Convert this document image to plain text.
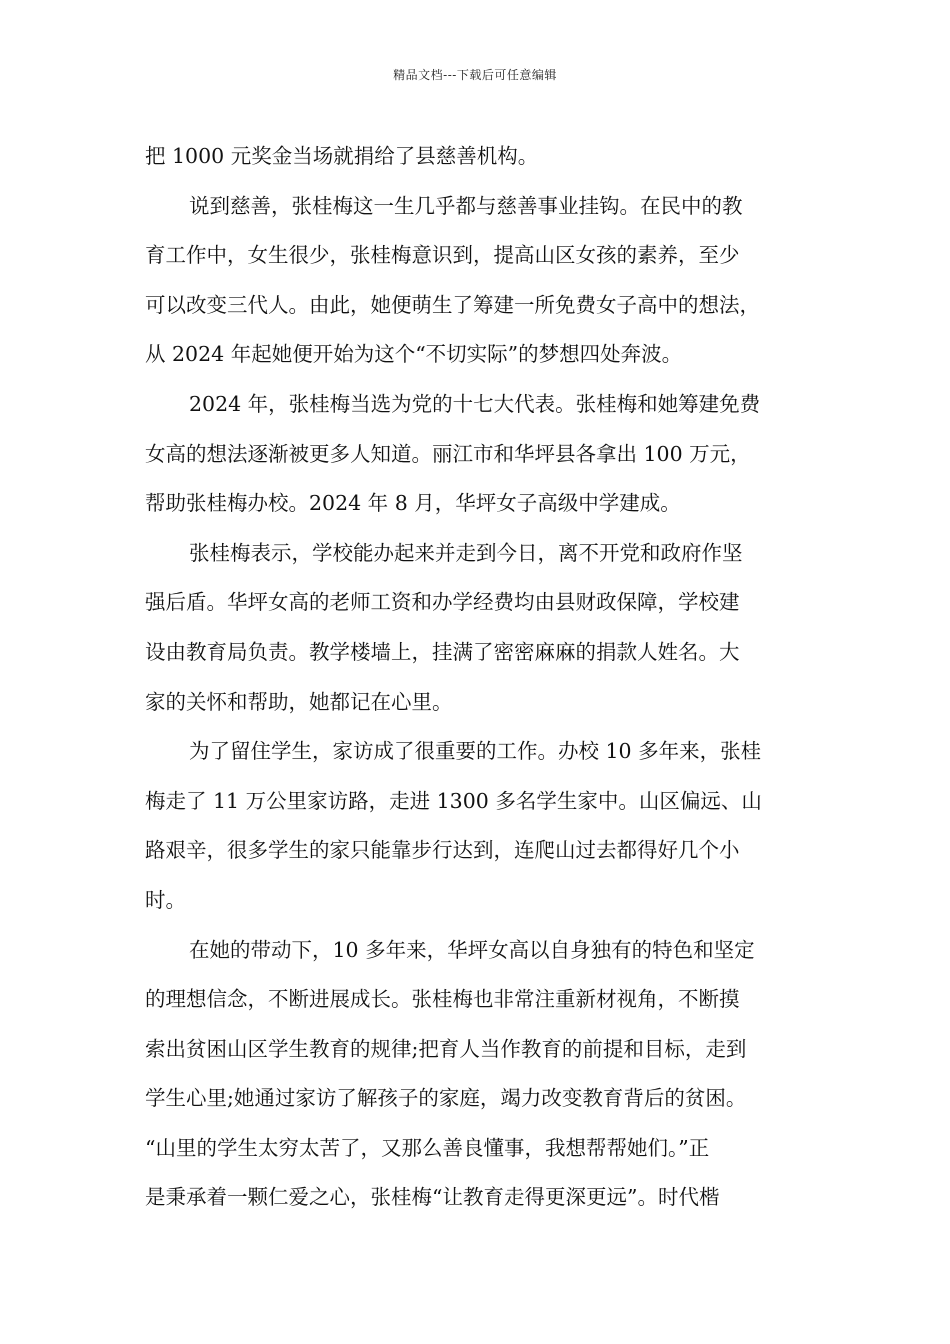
精品文档---下载后可任意编辑
把 1000 元奖金当场就捐给了县慈善机构。
说到慈善，张桂梅这一生几乎都与慈善事业挂钩。在民中的教
育工作中，女生很少，张桂梅意识到，提高山区女孩的素养，至少
可以改变三代人。由此，她便萌生了筹建一所免费女子高中的想法，
从 2024 年起她便开始为这个“不切实际”的梦想四处奔波。
2024 年，张桂梅当选为党的十七大代表。张桂梅和她筹建免费
女高的想法逐渐被更多人知道。丽江市和华坪县各拿出 100 万元，
帮助张桂梅办校。2024 年 8 月，华坪女子高级中学建成。
张桂梅表示，学校能办起来并走到今日，离不开党和政府作坚
强后盾。华坪女高的老师工资和办学经费均由县财政保障，学校建
设由教育局负责。教学楼墙上，挂满了密密麻麻的捐款人姓名。大
家的关怀和帮助，她都记在心里。
为了留住学生，家访成了很重要的工作。办校 10 多年来，张桂
梅走了 11 万公里家访路，走进 1300 多名学生家中。山区偏远、山
路艰辛，很多学生的家只能靠步行达到，连爬山过去都得好几个小
时。
在她的带动下，10 多年来，华坪女高以自身独有的特色和坚定
的理想信念，不断进展成长。张桂梅也非常注重新材视角，不断摸
索出贫困山区学生教育的规律;把育人当作教育的前提和目标，走到
学生心里;她通过家访了解孩子的家庭，竭力改变教育背后的贫困。
“山里的学生太穷太苦了，又那么善良懂事，我想帮帮她们。”正
是秉承着一颗仁爱之心，张桂梅“让教育走得更深更远”。时代楷
